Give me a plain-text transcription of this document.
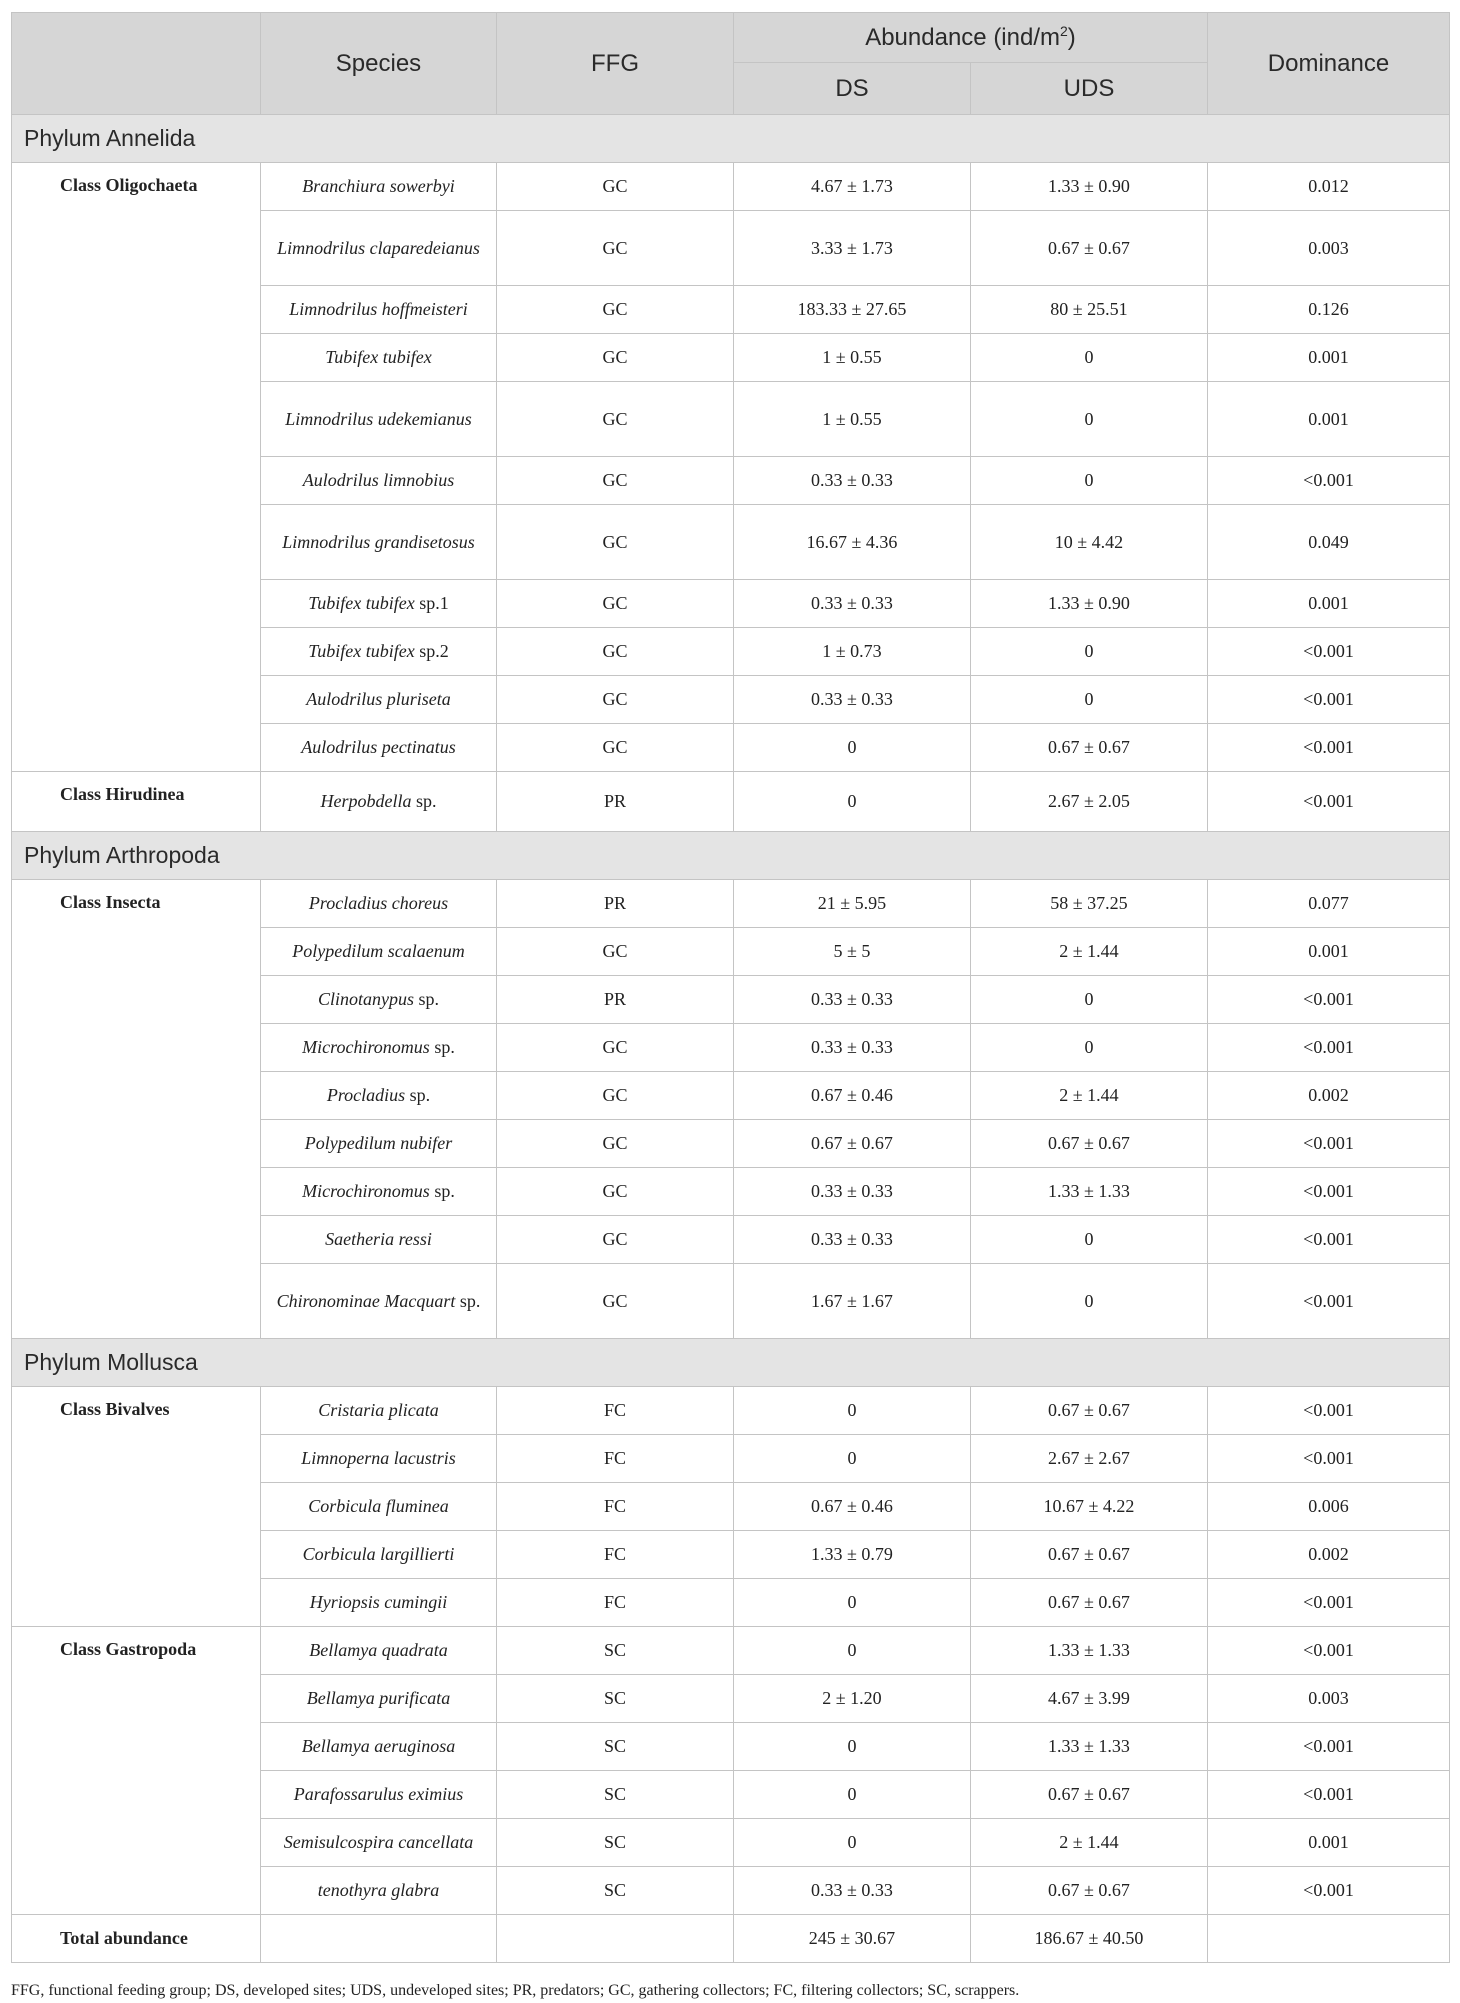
	Species	FFG	Abundance $(ind/m^2)$		Dominance
			DS	UDS	
Phylum Annelida					
Class Oligochaeta	Branchiura sowerbyi	GC	4.67 ± 1.73	1.33 ± 0.90	0.012
	Limnodrilus claparedeianus	GC	3.33 ± 1.73	0.67 ± 0.67	0.003
	Limnodrilus hoffmeisteri	GC	183.33 ± 27.65	80 ± 25.51	0.126
	Tubifex tubifex	GC	1 ± 0.55	0	0.001
	Limnodrilus udekemianus	GC	1 ± 0.55	0	0.001
	Aulodrilus limnobius	GC	0.33 ± 0.33	0	<0.001
	Limnodrilus grandisetosus	GC	16.67 ± 4.36	10 ± 4.42	0.049
	Tubifex tubifex sp.1	GC	0.33 ± 0.33	1.33 ± 0.90	0.001
	Tubifex tubifex sp.2	GC	1 ± 0.73	0	<0.001
	Aulodrilus pluriseta	GC	0.33 ± 0.33	0	<0.001
	Aulodrilus pectinatus	GC	0	0.67 ± 0.67	<0.001
Class Hirudinea	Herpobdella sp.	PR	0	2.67 ± 2.05	<0.001
Phylum Arthropoda					
Class Insecta	Procladius choreus	PR	21 ± 5.95	58 ± 37.25	0.077
	Polypedilum scalaenum	GC	5 ± 5	2 ± 1.44	0.001
	Clinotanypus sp.	PR	0.33 ± 0.33	0	<0.001
	Microchironomus sp.	GC	0.33 ± 0.33	0	<0.001
	Procladius sp.	GC	0.67 ± 0.46	2 ± 1.44	0.002
	Polypedilum nubifer	GC	0.67 ± 0.67	0.67 ± 0.67	<0.001
	Microchironomus sp.	GC	0.33 ± 0.33	1.33 ± 1.33	<0.001
	Saetheria ressi	GC	0.33 ± 0.33	0	<0.001
	Chironominae Macquart sp.	GC	1.67 ± 1.67	0	<0.001
Phylum Mollusca					
Class Bivalves	Cristaria plicata	FC	0	0.67 ± 0.67	<0.001
	Limnoperna lacustris	FC	0	2.67 ± 2.67	<0.001
	Corbicula fluminea	FC	0.67 ± 0.46	10.67 ± 4.22	0.006
	Corbicula largillierti	FC	1.33 ± 0.79	0.67 ± 0.67	0.002
	Hyriopsis cumingii	FC	0	0.67 ± 0.67	<0.001
Class Gastropoda	Bellamya quadrata	SC	0	1.33 ± 1.33	<0.001
	Bellamya purificata	SC	2 ± 1.20	4.67 ± 3.99	0.003
	Bellamya aeruginosa	SC	0	1.33 ± 1.33	<0.001
	Parafossarulus eximius	SC	0	0.67 ± 0.67	<0.001
	Semisulcospira cancellata	SC	0	2 ± 1.44	0.001
	tenothyra glabra	SC	0.33 ± 0.33	0.67 ± 0.67	<0.001
Total abundance			245 ± 30.67	186.67 ± 40.50	
FFG, functional feeding group; DS, developed sites; UDS, undeveloped sites; PR, predators; GC, gathering collectors; FC, filtering collectors; SC, scrappers.
